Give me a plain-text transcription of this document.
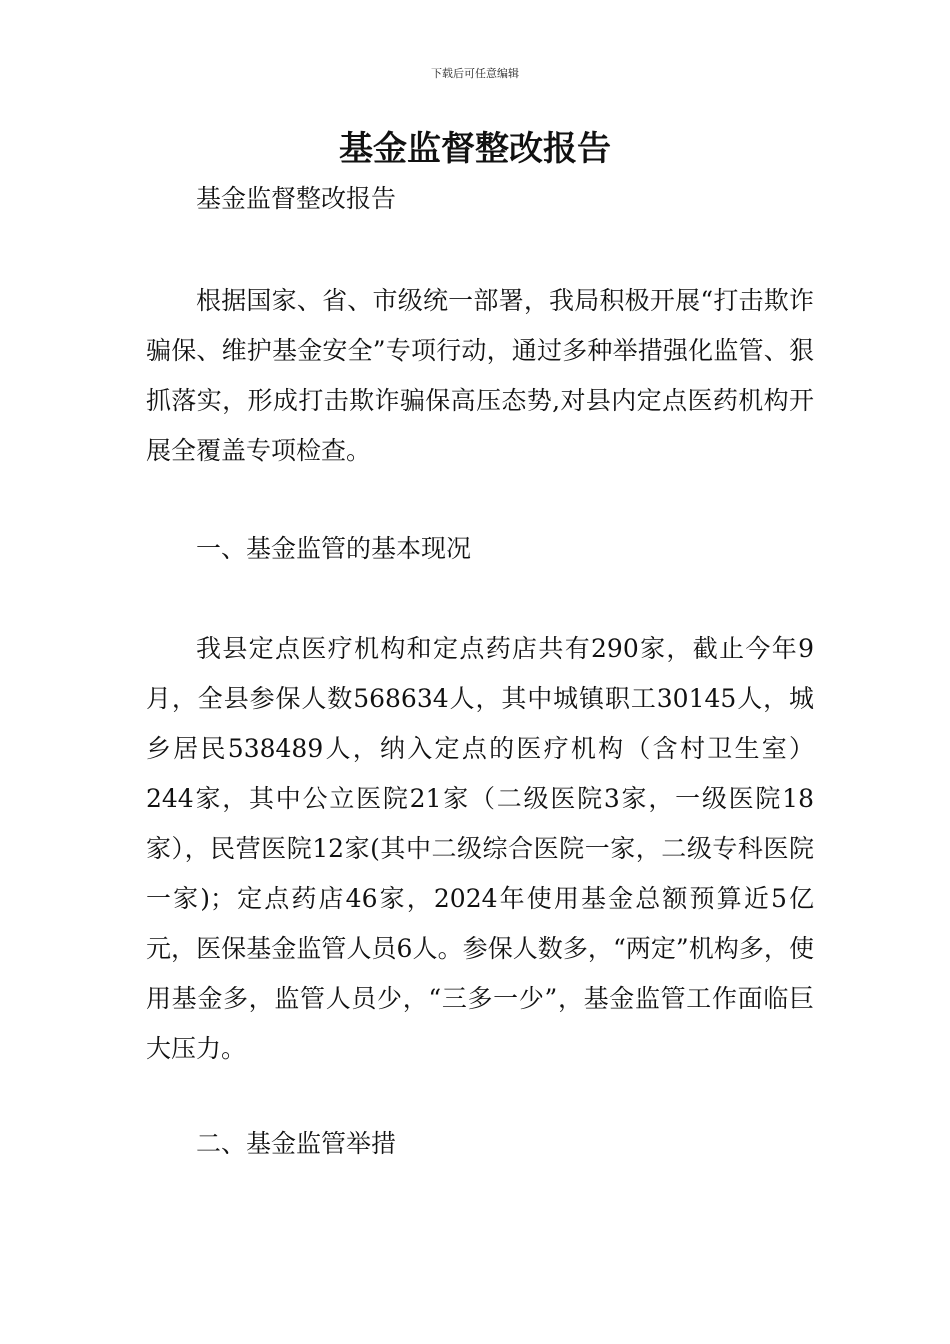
下载后可任意编辑
基金监督整改报告

基金监督整改报告

根据国家、省、市级统一部署，我局积极开展“打击欺诈骗保、维护基金安全”专项行动，通过多种举措强化监管、狠抓落实，形成打击欺诈骗保高压态势,对县内定点医药机构开展全覆盖专项检查。

一、基金监管的基本现况

我县定点医疗机构和定点药店共有290家，截止今年9月，全县参保人数568634人，其中城镇职工30145人，城乡居民538489人，纳入定点的医疗机构（含村卫生室）244家，其中公立医院21家（二级医院3家，一级医院18家），民营医院12家(其中二级综合医院一家，二级专科医院一家)；定点药店46家，2024年使用基金总额预算近5亿元，医保基金监管人员6人。参保人数多，“两定”机构多，使用基金多，监管人员少，“三多一少”，基金监管工作面临巨大压力。

二、基金监管举措
